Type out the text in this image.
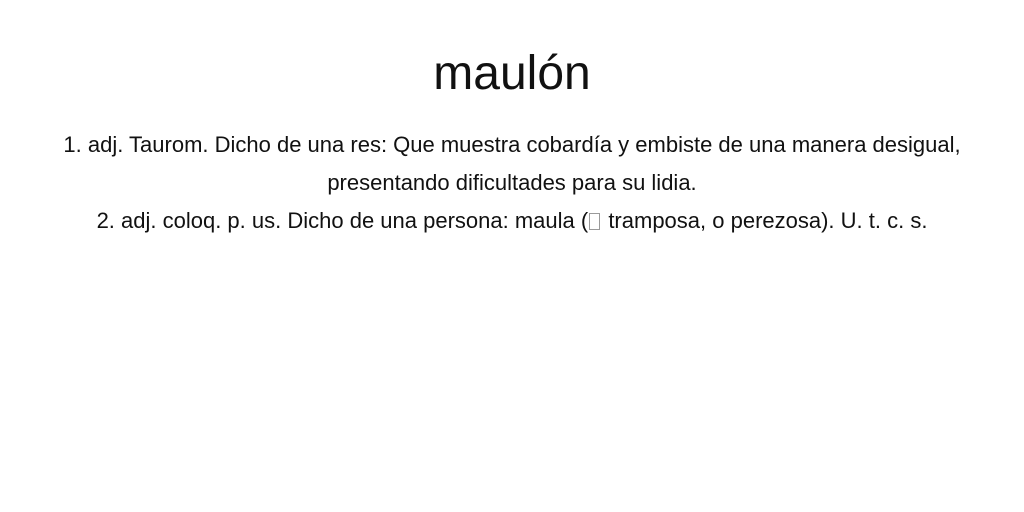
maulón

1. adj. Taurom. Dicho de una res: Que muestra cobardía y embiste de una manera desigual, presentando dificultades para su lidia.

2. adj. coloq. p. us. Dicho de una persona: maula ( tramposa, o perezosa). U. t. c. s.
